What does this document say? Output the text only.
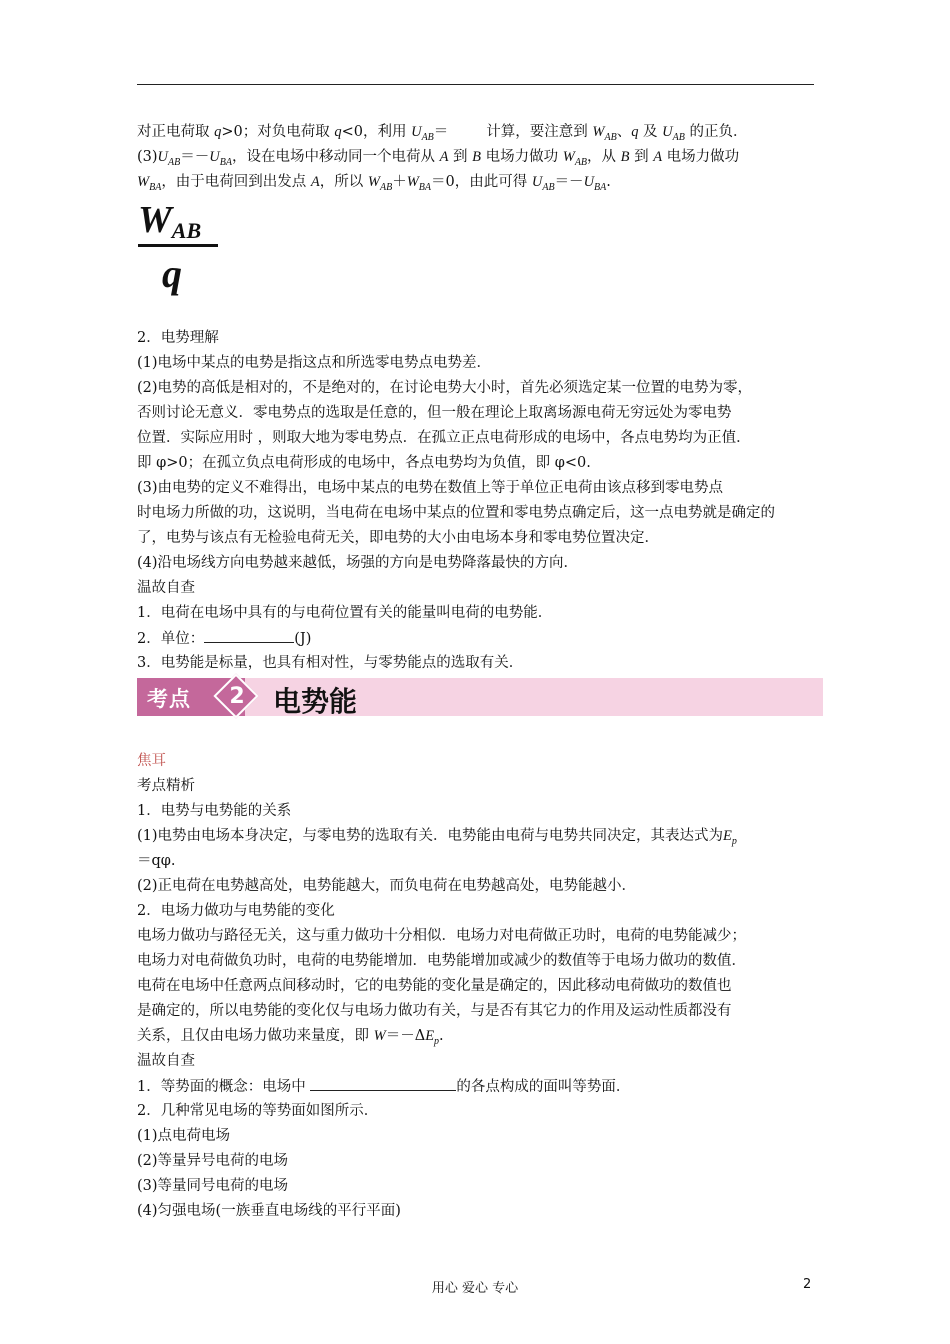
对正电荷取 q>0；对负电荷取 q<0，利用 $U_{AB}=$	计算，要注意到 $W_{AB}$、q 及 $U_{AB}$ 的正负．
$(3)U_{AB}=-U_{BA}$，设在电场中移动同一个电荷从 A 到 B 电场力做功 $W_{AB}$，从 B 到 A 电场力做功
$W_{BA}$，由于电荷回到出发点 A，所以 $W_{AB}+W_{BA}=0$，由此可得 $U_{AB}=-U_{BA}$.
$W_{AB}$
q
2．电势理解
(1)电场中某点的电势是指这点和所选零电势点电势差．
(2)电势的高低是相对的，不是绝对的，在讨论电势大小时，首先必须选定某一位置的电势为零，
否则讨论无意义．零电势点的选取是任意的，但一般在理论上取离场源电荷无穷远处为零电势
位置．实际应用时 ，则取大地为零电势点．在孤立正点电荷形成的电场中，各点电势均为正值．
即 φ>0；在孤立负点电荷形成的电场中，各点电势均为负值，即 φ<0.
(3)由电势的定义不难得出，电场中某点的电势在数值上等于单位正电荷由该点移到零电势点
时电场力所做的功，这说明，当电荷在电场中某点的位置和零电势点确定后，这一点电势就是确定的
了，电势与该点有无检验电荷无关，即电势的大小由电场本身和零电势位置决定．
(4)沿电场线方向电势越来越低，场强的方向是电势降落最快的方向．
温故自查
1．电荷在电场中具有的与电荷位置有关的能量叫电荷的电势能．
2．单位：	(J)
3．电势能是标量，也具有相对性，与零势能点的选取有关．
考点 2 电势能
焦耳
考点精析
1．电势与电势能的关系
(1)电势由电场本身决定，与零电势的选取有关．电势能由电荷与电势共同决定，其表达式为$E_p$
＝qφ.
(2)正电荷在电势越高处，电势能越大，而负电荷在电势越高处，电势能越小．
2．电场力做功与电势能的变化
电场力做功与路径无关，这与重力做功十分相似．电场力对电荷做正功时，电荷的电势能减少；
电场力对电荷做负功时，电荷的电势能增加．电势能增加或减少的数值等于电场力做功的数值．
电荷在电场中任意两点间移动时，它的电势能的变化量是确定的，因此移动电荷做功的数值也
是确定的，所以电势能的变化仅与电场力做功有关，与是否有其它力的作用及运动性质都没有
关系，且仅由电场力做功来量度，即 $W=-\Delta E_p$.
温故自查
1．等势面的概念：电场中	的各点构成的面叫等势面．
2．几种常见电场的等势面如图所示．
(1)点电荷电场
(2)等量异号电荷的电场
(3)等量同号电荷的电场
(4)匀强电场(一族垂直电场线的平行平面)
用心 爱心 专心	2
